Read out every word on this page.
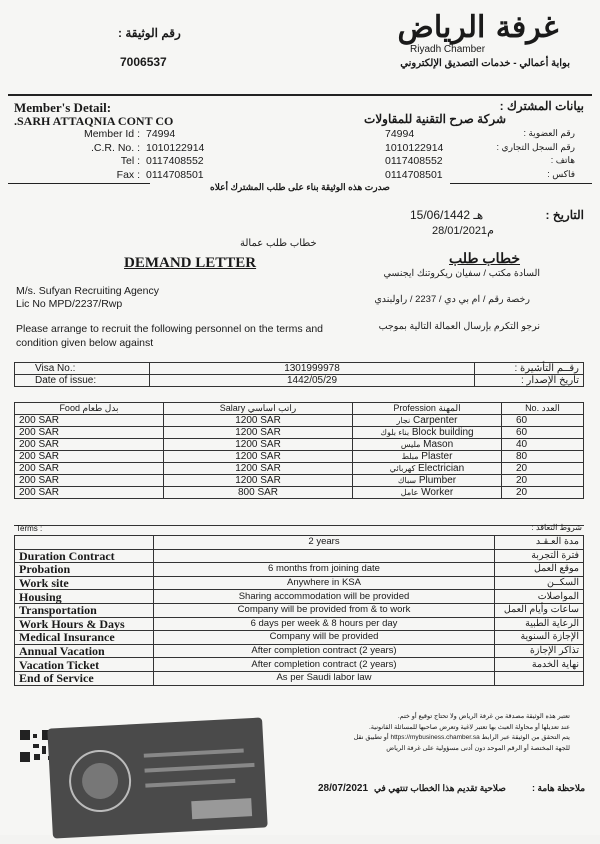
رقم الوثيقة :
7006537
غرفة الرياض
Riyadh Chamber
بوابة أعمالي - خدمات التصديق الإلكتروني
Member's Detail:	بيانات المشترك :
.SARH ATTAQNIA CONT CO	شركة صرح التقنية للمقاولات
Member Id : 74994
.C.R. No. : 1010122914
Tel : 0117408552
Fax : 0114708501
74994	رقم العضوية :
1010122914	رقم السجل التجاري :
0117408552	هاتف :
0114708501	فاكس :
صدرت هذه الوثيقة بناء على طلب المشترك أعلاه
التاريخ :
15/06/1442 هـ
28/01/2021م
خطاب طلب عمالة
DEMAND LETTER	خطاب طلب
M/s. Sufyan Recruiting Agency
Lic No MPD/2237/Rwp
السادة مكتب / سفيان ريكروتنك ايجنسي
رخصة رقم / ام بي دي / 2237 / راولبندي
Please arrange to recruit the following personnel on the terms and
condition given below against
نرجو التكرم بإرسال العمالة التالية بموجب
Visa No.:	1301999978	رقــم التأشيرة :
Date of issue:	1442/05/29	تاريخ الإصدار :
Food بدل طعام	Salary راتب اساسي	Profession المهنة	No. العدد
200 SAR	1200 SAR	نجار Carpenter	60
200 SAR	1200 SAR	بناء بلوك Block building	60
200 SAR	1200 SAR	مليس Mason	40
200 SAR	1200 SAR	مبلط Plaster	80
200 SAR	1200 SAR	كهربائي Electrician	20
200 SAR	1200 SAR	سباك Plumber	20
200 SAR	800 SAR	عامل Worker	20
Terms :	شروط التعاقد :
	2 years	مدة العـقـد
Duration Contract		فترة التجربة
Probation	6 months from joining date	موقع العمل
Work site	Anywhere in KSA	السكــن
Housing	Sharing accommodation will be provided	المواصلات
Transportation	Company will be provided from & to work	ساعات وأيام العمل
Work Hours & Days	6 days per week & 8 hours per day	الرعاية الطبية
Medical Insurance	Company will be provided	الإجازة السنوية
Annual Vacation	After completion contract (2 years)	تذاكر الإجازة
Vacation Ticket	After completion contract (2 years)	نهاية الخدمة
End of Service	As per Saudi labor law	
تعتبر هذه الوثيقة مصدقة من غرفة الرياض ولا تحتاج توقيع أو ختم.
عند تعديلها أو محاولة العبث بها تعتبر لاغية وتعرض صاحبها للمسائلة القانونية.
يتم التحقق من الوثيقة عبر الرابط https://mybusiness.chamber.sa أو تطبيق نقل
للجهة المختصة أو الرقم الموحد دون أدنى مسؤولية على غرفة الرياض
ملاحظة هامة :
صلاحية تقديم هذا الخطاب تنتهي في
28/07/2021
